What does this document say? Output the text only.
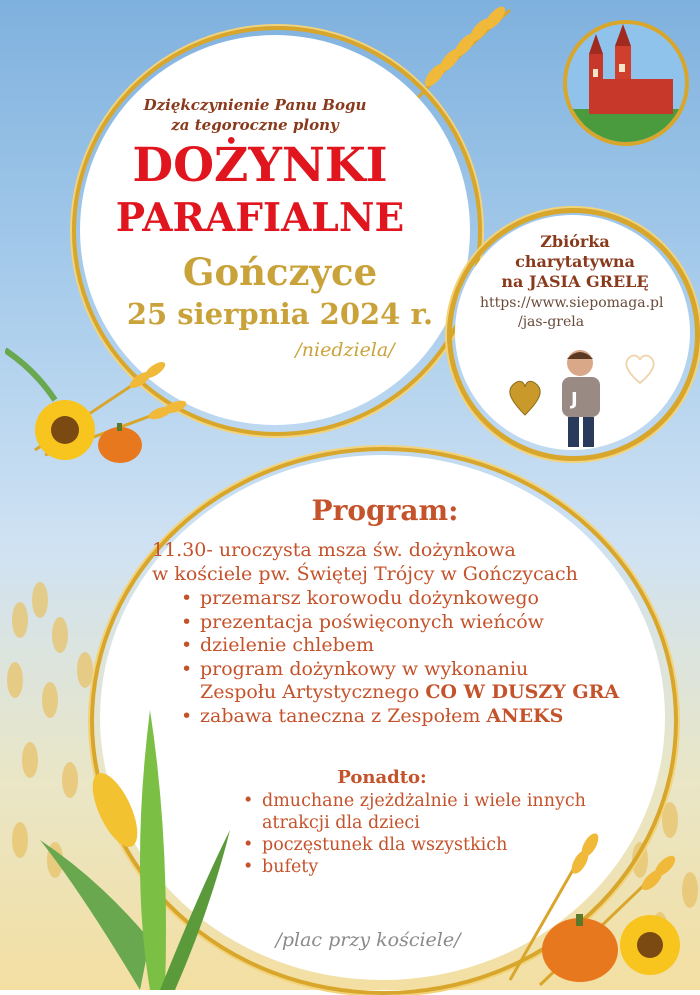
Dziękczynienie Panu Bogu
za tegoroczne plony
DOŻYNKI
PARAFIALNE
Gończyce
25 sierpnia 2024 r.
/niedziela/
Zbiórka
charytatywna
na JASIA GRELĘ
https://www.siepomaga.pl
/jas-grela
J
Program:
11.30- uroczysta msza św. dożynkowa
w kościele pw. Świętej Trójcy w Gończycach
• przemarsz korowodu dożynkowego
• prezentacja poświęconych wieńców
• dzielenie chlebem
• program dożynkowy w wykonaniu
Zespołu Artystycznego CO W DUSZY GRA
• zabawa taneczna z Zespołem ANEKS
Ponadto:
• dmuchane zjeżdżalnie i wiele innych
atrakcji dla dzieci
• poczęstunek dla wszystkich
• bufety
/plac przy kościele/
